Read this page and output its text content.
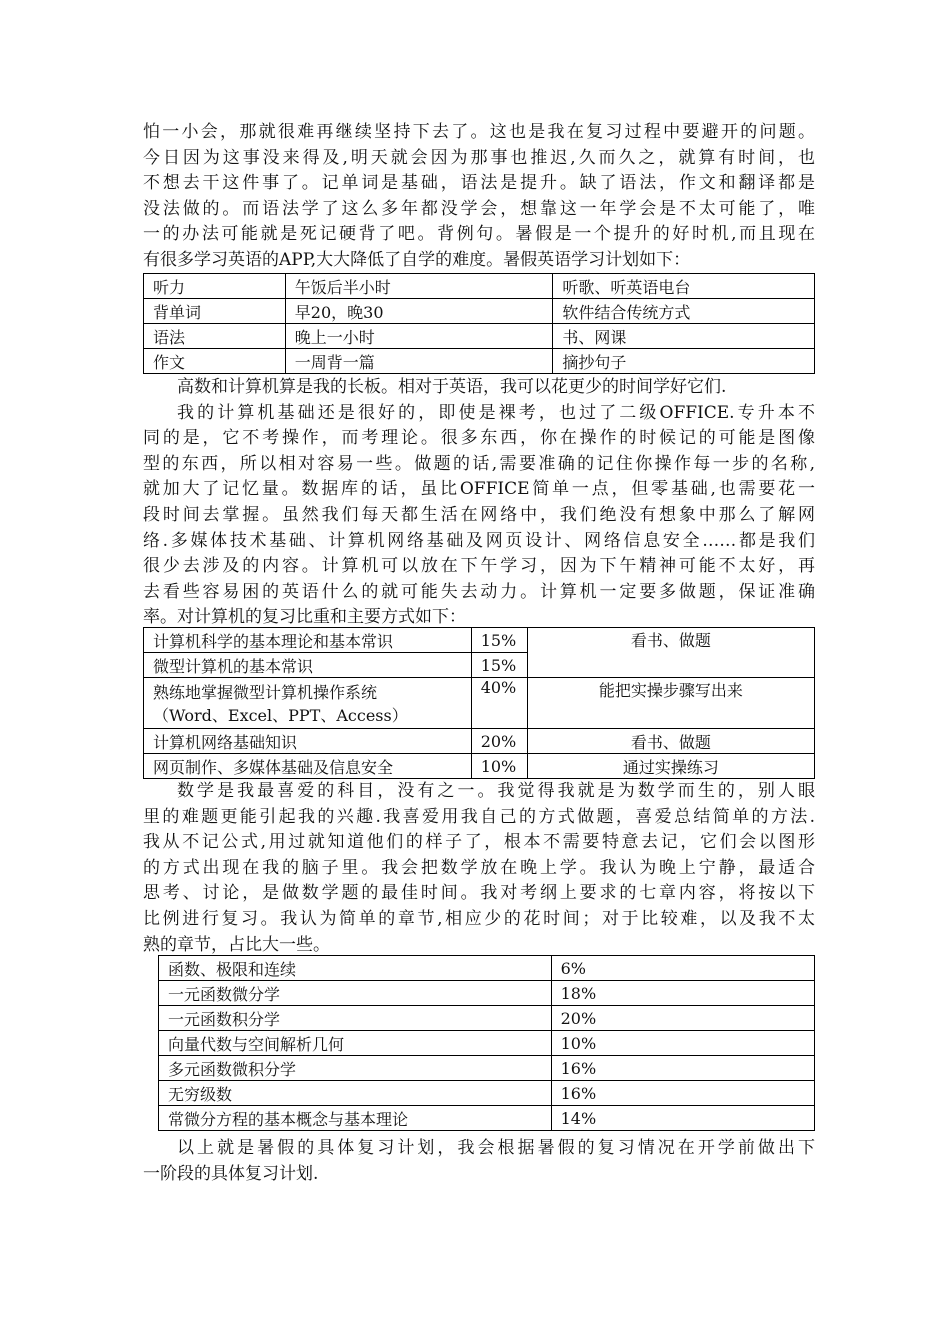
怕一小会，那就很难再继续坚持下去了。这也是我在复习过程中要避开的问题。
今日因为这事没来得及,明天就会因为那事也推迟,久而久之，就算有时间，也
不想去干这件事了。记单词是基础，语法是提升。缺了语法，作文和翻译都是
没法做的。而语法学了这么多年都没学会，想靠这一年学会是不太可能了，唯
一的办法可能就是死记硬背了吧。背例句。暑假是一个提升的好时机,而且现在
有很多学习英语的APP,大大降低了自学的难度。暑假英语学习计划如下：
听力	午饭后半小时	听歌、听英语电台
背单词	早20，晚30	软件结合传统方式
语法	晚上一小时	书、网课
作文	一周背一篇	摘抄句子
高数和计算机算是我的长板。相对于英语，我可以花更少的时间学好它们.
我的计算机基础还是很好的，即使是裸考，也过了二级OFFICE.专升本不
同的是，它不考操作，而考理论。很多东西，你在操作的时候记的可能是图像
型的东西，所以相对容易一些。做题的话,需要准确的记住你操作每一步的名称,
就加大了记忆量。数据库的话，虽比OFFICE简单一点，但零基础,也需要花一
段时间去掌握。虽然我们每天都生活在网络中，我们绝没有想象中那么了解网
络.多媒体技术基础、计算机网络基础及网页设计、网络信息安全……都是我们
很少去涉及的内容。计算机可以放在下午学习，因为下午精神可能不太好，再
去看些容易困的英语什么的就可能失去动力。计算机一定要多做题，保证准确
率。对计算机的复习比重和主要方式如下：
计算机科学的基本理论和基本常识	15%	看书、做题
微型计算机的基本常识	15%	

熟练地掌握微型计算机操作系统
（Word、Excel、PPT、Access）	40%	能把实操步骤写出来
计算机网络基础知识	20%	看书、做题
网页制作、多媒体基础及信息安全	10%	通过实操练习
数学是我最喜爱的科目，没有之一。我觉得我就是为数学而生的，别人眼
里的难题更能引起我的兴趣.我喜爱用我自己的方式做题，喜爱总结简单的方法.
我从不记公式,用过就知道他们的样子了，根本不需要特意去记，它们会以图形
的方式出现在我的脑子里。我会把数学放在晚上学。我认为晚上宁静，最适合
思考、讨论，是做数学题的最佳时间。我对考纲上要求的七章内容，将按以下
比例进行复习。我认为简单的章节,相应少的花时间；对于比较难，以及我不太
熟的章节，占比大一些。
函数、极限和连续	6%
一元函数微分学	18%
一元函数积分学	20%
向量代数与空间解析几何	10%
多元函数微积分学	16%
无穷级数	16%
常微分方程的基本概念与基本理论	14%
以上就是暑假的具体复习计划，我会根据暑假的复习情况在开学前做出下
一阶段的具体复习计划.
